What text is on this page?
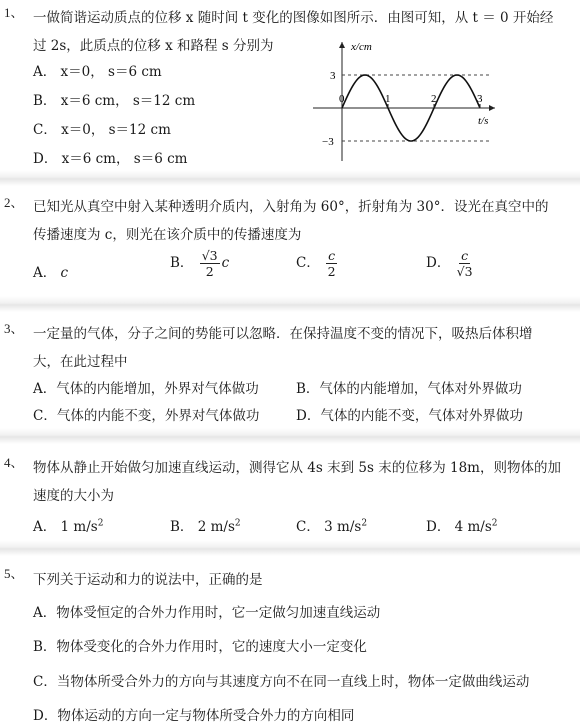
1、 一做简谐运动质点的位移 x 随时间 t 变化的图像如图所示．由图可知，从 t ＝ 0 开始经
过 2s，此质点的位移 x 和路程 s 分别为
A． x＝0， s＝6 cm
B． x＝6 cm， s＝12 cm
C． x＝0， s＝12 cm
D． x＝6 cm， s＝6 cm
0	1	2	3
3
−3
x/cm
t/s
2、 已知光从真空中射入某种透明介质内，入射角为 60°，折射角为 30°．设光在真空中的
传播速度为 c，则光在该介质中的传播速度为
A． c
B． $\frac{√3}{2}$ c	C． $\frac{c}{2}$	D． $\frac{c}{√3}$
3、 一定量的气体，分子之间的势能可以忽略．在保持温度不变的情况下，吸热后体积增
大，在此过程中
A．气体的内能增加，外界对气体做功	B．气体的内能增加，气体对外界做功
C．气体的内能不变，外界对气体做功	D．气体的内能不变，气体对外界做功
4、 物体从静止开始做匀加速直线运动，测得它从 4s 末到 5s 末的位移为 18m，则物体的加
速度的大小为
A． 1 $m/s^2$	B． 2 $m/s^2$	C． 3 $m/s^2$	D． 4 $m/s^2$
5、 下列关于运动和力的说法中，正确的是
A．物体受恒定的合外力作用时，它一定做匀加速直线运动
B．物体受变化的合外力作用时，它的速度大小一定变化
C．当物体所受合外力的方向与其速度方向不在同一直线上时，物体一定做曲线运动
D．物体运动的方向一定与物体所受合外力的方向相同
